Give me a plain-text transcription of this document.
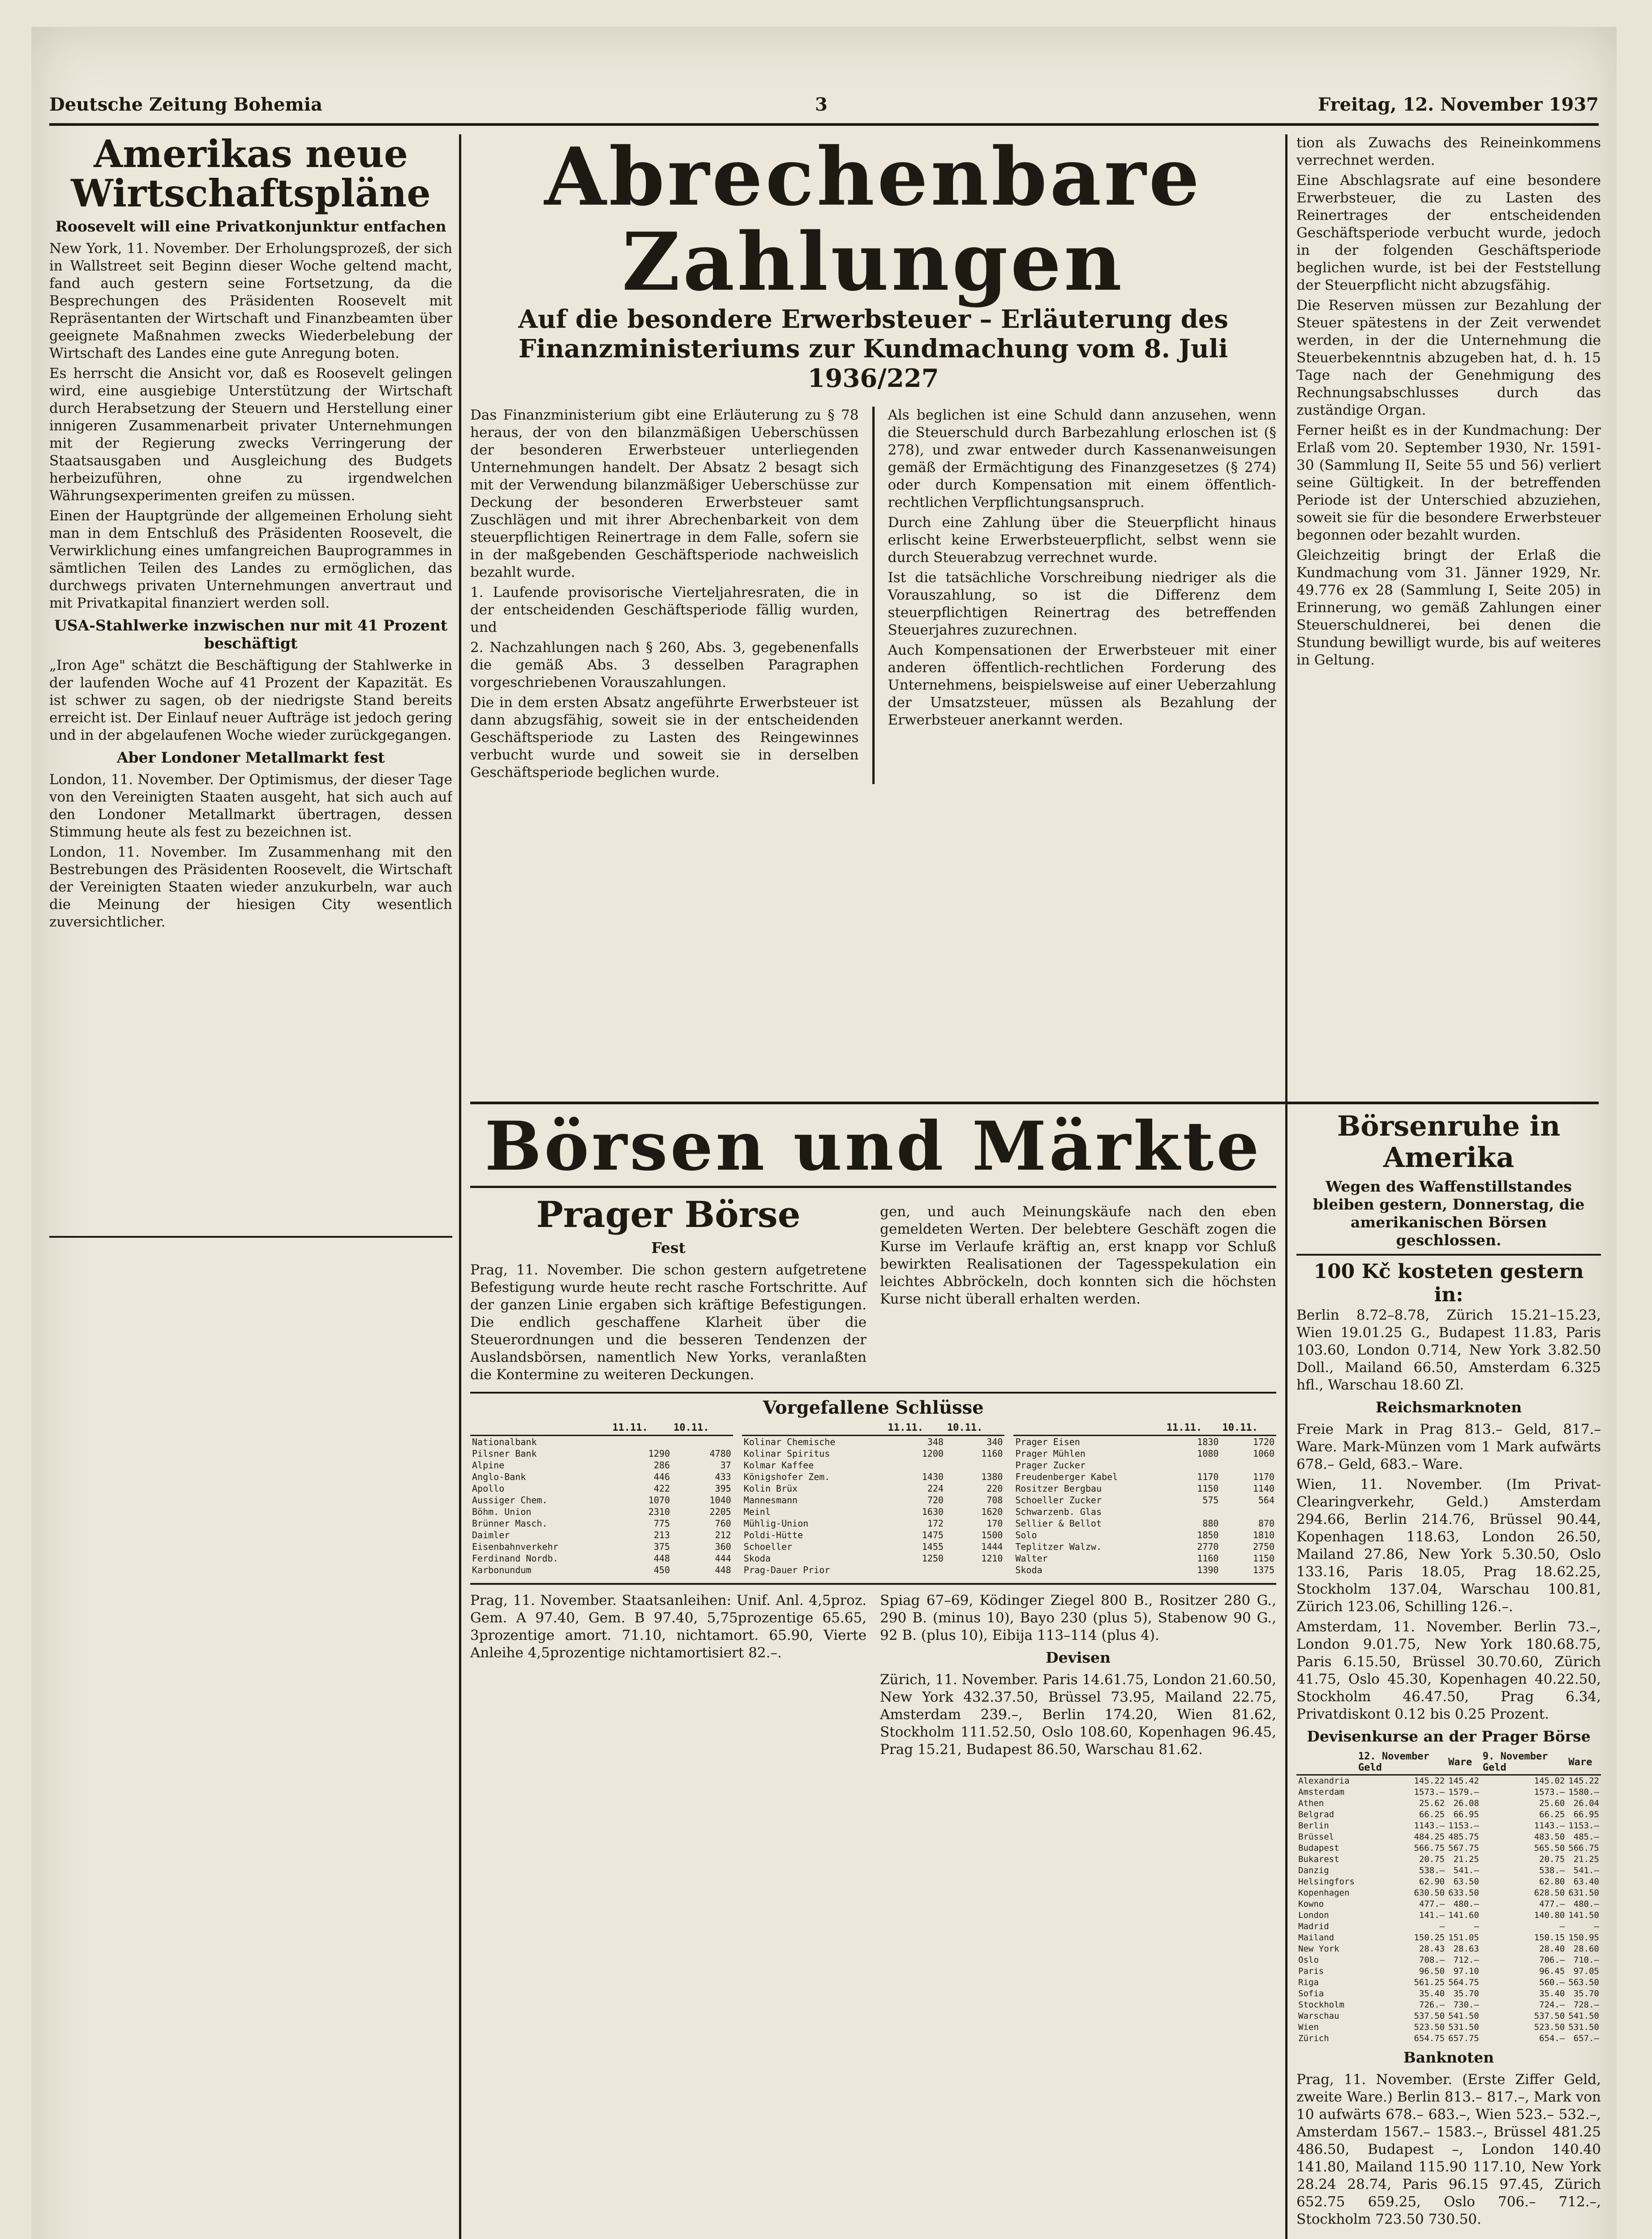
Deutsche Zeitung Bohemia	3	Freitag, 12. November 1937
Amerikas neue Wirtschaftspläne

Roosevelt will eine Privatkonjunktur entfachen

New York, 11. November. Der Erholungsprozeß, der sich in Wallstreet seit Beginn dieser Woche geltend macht, fand auch gestern seine Fortsetzung, da die Besprechungen des Präsidenten Roosevelt mit Repräsentanten der Wirtschaft und Finanzbeamten über geeignete Maßnahmen zwecks Wiederbelebung der Wirtschaft des Landes eine gute Anregung boten.

Es herrscht die Ansicht vor, daß es Roosevelt gelingen wird, eine ausgiebige Unterstützung der Wirtschaft durch Herabsetzung der Steuern und Herstellung einer innigeren Zusammenarbeit privater Unternehmungen mit der Regierung zwecks Verringerung der Staatsausgaben und Ausgleichung des Budgets herbeizuführen, ohne zu irgendwelchen Währungsexperimenten greifen zu müssen.

Einen der Hauptgründe der allgemeinen Erholung sieht man in dem Entschluß des Präsidenten Roosevelt, die Verwirklichung eines umfangreichen Bauprogrammes in sämtlichen Teilen des Landes zu ermöglichen, das durchwegs privaten Unternehmungen anvertraut und mit Privatkapital finanziert werden soll.

USA-Stahlwerke inzwischen nur mit 41 Prozent beschäftigt

„Iron Age" schätzt die Beschäftigung der Stahlwerke in der laufenden Woche auf 41 Prozent der Kapazität. Es ist schwer zu sagen, ob der niedrigste Stand bereits erreicht ist. Der Einlauf neuer Aufträge ist jedoch gering und in der abgelaufenen Woche wieder zurückgegangen.

Aber Londoner Metallmarkt fest

London, 11. November. Der Optimismus, der dieser Tage von den Vereinigten Staaten ausgeht, hat sich auch auf den Londoner Metallmarkt übertragen, dessen Stimmung heute als fest zu bezeichnen ist.

London, 11. November. Im Zusammenhang mit den Bestrebungen des Präsidenten Roosevelt, die Wirtschaft der Vereinigten Staaten wieder anzukurbeln, war auch die Meinung der hiesigen City wesentlich zuversichtlicher.

Abrechenbare Zahlungen
Auf die besondere Erwerbsteuer – Erläuterung des Finanzministeriums zur Kundmachung vom 8. Juli 1936/227

Das Finanzministerium gibt eine Erläuterung zu § 78 heraus, der von den bilanzmäßigen Ueberschüssen der besonderen Erwerbsteuer unterliegenden Unternehmungen handelt. Der Absatz 2 besagt sich mit der Verwendung bilanzmäßiger Ueberschüsse zur Deckung der besonderen Erwerbsteuer samt Zuschlägen und mit ihrer Abrechenbarkeit von dem steuerpflichtigen Reinertrage in dem Falle, sofern sie in der maßgebenden Geschäftsperiode nachweislich bezahlt wurde.

1. Laufende provisorische Vierteljahresraten, die in der entscheidenden Geschäftsperiode fällig wurden, und

2. Nachzahlungen nach § 260, Abs. 3, gegebenenfalls die gemäß Abs. 3 desselben Paragraphen vorgeschriebenen Vorauszahlungen.

Die in dem ersten Absatz angeführte Erwerbsteuer ist dann abzugsfähig, soweit sie in der entscheidenden Geschäftsperiode zu Lasten des Reingewinnes verbucht wurde und soweit sie in derselben Geschäftsperiode beglichen wurde.

Als beglichen ist eine Schuld dann anzusehen, wenn die Steuerschuld durch Barbezahlung erloschen ist (§ 278), und zwar entweder durch Kassenanweisungen gemäß der Ermächtigung des Finanzgesetzes (§ 274) oder durch Kompensation mit einem öffentlich-rechtlichen Verpflichtungsanspruch.

Durch eine Zahlung über die Steuerpflicht hinaus erlischt keine Erwerbsteuerpflicht, selbst wenn sie durch Steuerabzug verrechnet wurde.

Ist die tatsächliche Vorschreibung niedriger als die Vorauszahlung, so ist die Differenz dem steuerpflichtigen Reinertrag des betreffenden Steuerjahres zuzurechnen.

Auch Kompensationen der Erwerbsteuer mit einer anderen öffentlich-rechtlichen Forderung des Unternehmens, beispielsweise auf einer Ueberzahlung der Umsatzsteuer, müssen als Bezahlung der Erwerbsteuer anerkannt werden.

tion als Zuwachs des Reineinkommens verrechnet werden.

Eine Abschlagsrate auf eine besondere Erwerbsteuer, die zu Lasten des Reinertrages der entscheidenden Geschäftsperiode verbucht wurde, jedoch in der folgenden Geschäftsperiode beglichen wurde, ist bei der Feststellung der Steuerpflicht nicht abzugsfähig.

Die Reserven müssen zur Bezahlung der Steuer spätestens in der Zeit verwendet werden, in der die Unternehmung die Steuerbekenntnis abzugeben hat, d. h. 15 Tage nach der Genehmigung des Rechnungsabschlusses durch das zuständige Organ.

Ferner heißt es in der Kundmachung: Der Erlaß vom 20. September 1930, Nr. 1591-30 (Sammlung II, Seite 55 und 56) verliert seine Gültigkeit. In der betreffenden Periode ist der Unterschied abzuziehen, soweit sie für die besondere Erwerbsteuer begonnen oder bezahlt wurden.

Gleichzeitig bringt der Erlaß die Kundmachung vom 31. Jänner 1929, Nr. 49.776 ex 28 (Sammlung I, Seite 205) in Erinnerung, wo gemäß Zahlungen einer Steuerschuldnerei, bei denen die Stundung bewilligt wurde, bis auf weiteres in Geltung.

Börsen und Märkte
Prager Börse

Fest

Prag, 11. November. Die schon gestern aufgetretene Befestigung wurde heute recht rasche Fortschritte. Auf der ganzen Linie ergaben sich kräftige Befestigungen. Die endlich geschaffene Klarheit über die Steuerordnungen und die besseren Tendenzen der Auslandsbörsen, namentlich New Yorks, veranlaßten die Kontermine zu weiteren Deckungen.

gen, und auch Meinungskäufe nach den eben gemeldeten Werten. Der belebtere Geschäft zogen die Kurse im Verlaufe kräftig an, erst knapp vor Schluß bewirkten Realisationen der Tagesspekulation ein leichtes Abbröckeln, doch konnten sich die höchsten Kurse nicht überall erhalten werden.

Vorgefallene Schlüsse

	11.11.	10.11.
Nationalbank		
Pilsner Bank	1290	4780
Alpine	286	37
Anglo-Bank	446	433
Apollo	422	395
Aussiger Chem.	1070	1040
Böhm. Union	2310	2205
Brünner Masch.	775	760
Daimler	213	212
Eisenbahnverkehr	375	360
Ferdinand Nordb.	448	444
Karbonundum	450	448
	11.11.	10.11.
Kolinar Chemische	348	340
Kolinar Spiritus	1200	1160
Kolmar Kaffee		
Königshofer Zem.	1430	1380
Kolin Brüx	224	220
Mannesmann	720	708
Meinl	1630	1620
Mühlig-Union	172	170
Poldi-Hütte	1475	1500
Schoeller	1455	1444
Skoda	1250	1210
Prag-Dauer Prior		
	11.11.	10.11.
Prager Eisen	1830	1720
Prager Mühlen	1080	1060
Prager Zucker		
Freudenberger Kabel	1170	1170
Rositzer Bergbau	1150	1140
Schoeller Zucker	575	564
Schwarzenb. Glas		
Sellier & Bellot	880	870
Solo	1850	1810
Teplitzer Walzw.	2770	2750
Walter	1160	1150
Skoda	1390	1375

Prag, 11. November. Staatsanleihen: Unif. Anl. 4,5proz. Gem. A 97.40, Gem. B 97.40, 5,75prozentige 65.65, 3prozentige amort. 71.10, nichtamort. 65.90, Vierte Anleihe 4,5prozentige nichtamortisiert 82.–.

Spiag 67–69, Ködinger Ziegel 800 B., Rositzer 280 G., 290 B. (minus 10), Bayo 230 (plus 5), Stabenow 90 G., 92 B. (plus 10), Eibija 113–114 (plus 4).

Devisen

Zürich, 11. November. Paris 14.61.75, London 21.60.50, New York 432.37.50, Brüssel 73.95, Mailand 22.75, Amsterdam 239.–, Berlin 174.20, Wien 81.62, Stockholm 111.52.50, Oslo 108.60, Kopenhagen 96.45, Prag 15.21, Budapest 86.50, Warschau 81.62.

Börsenruhe in Amerika

Wegen des Waffenstillstandes bleiben gestern, Donnerstag, die amerikanischen Börsen geschlossen.

100 Kč kosteten gestern in:

Berlin 8.72–8.78, Zürich 15.21–15.23, Wien 19.01.25 G., Budapest 11.83, Paris 103.60, London 0.714, New York 3.82.50 Doll., Mailand 66.50, Amsterdam 6.325 hfl., Warschau 18.60 Zl.

Reichsmarknoten

Freie Mark in Prag 813.– Geld, 817.– Ware. Mark-Münzen vom 1 Mark aufwärts 678.– Geld, 683.– Ware.

Wien, 11. November. (Im Privat-Clearingverkehr, Geld.) Amsterdam 294.66, Berlin 214.76, Brüssel 90.44, Kopenhagen 118.63, London 26.50, Mailand 27.86, New York 5.30.50, Oslo 133.16, Paris 18.05, Prag 18.62.25, Stockholm 137.04, Warschau 100.81, Zürich 123.06, Schilling 126.–.

Amsterdam, 11. November. Berlin 73.–, London 9.01.75, New York 180.68.75, Paris 6.15.50, Brüssel 30.70.60, Zürich 41.75, Oslo 45.30, Kopenhagen 40.22.50, Stockholm 46.47.50, Prag 6.34, Privatdiskont 0.12 bis 0.25 Prozent.

Devisenkurse an der Prager Börse

	12. November Geld	Ware	9. November Geld	Ware
Alexandria	145.22	145.42	145.02	145.22
Amsterdam	1573.–	1579.–	1573.–	1580.–
Athen	25.62	26.08	25.60	26.04
Belgrad	66.25	66.95	66.25	66.95
Berlin	1143.–	1153.–	1143.–	1153.–
Brüssel	484.25	485.75	483.50	485.–
Budapest	566.75	567.75	565.50	566.75
Bukarest	20.75	21.25	20.75	21.25
Danzig	538.–	541.–	538.–	541.–
Helsingfors	62.90	63.50	62.80	63.40
Kopenhagen	630.50	633.50	628.50	631.50
Kowno	477.–	480.–	477.–	480.–
London	141.–	141.60	140.80	141.50
Madrid	–	–	–	–
Mailand	150.25	151.05	150.15	150.95
New York	28.43	28.63	28.40	28.60
Oslo	708.–	712.–	706.–	710.–
Paris	96.50	97.10	96.45	97.05
Riga	561.25	564.75	560.–	563.50
Sofia	35.40	35.70	35.40	35.70
Stockholm	726.–	730.–	724.–	728.–
Warschau	537.50	541.50	537.50	541.50
Wien	523.50	531.50	523.50	531.50
Zürich	654.75	657.75	654.–	657.–

Banknoten

Prag, 11. November. (Erste Ziffer Geld, zweite Ware.) Berlin 813.– 817.–, Mark von 10 aufwärts 678.– 683.–, Wien 523.– 532.–, Amsterdam 1567.– 1583.–, Brüssel 481.25 486.50, Budapest –, London 140.40 141.80, Mailand 115.90 117.10, New York 28.24 28.74, Paris 96.15 97.45, Zürich 652.75 659.25, Oslo 706.– 712.–, Stockholm 723.50 730.50.
